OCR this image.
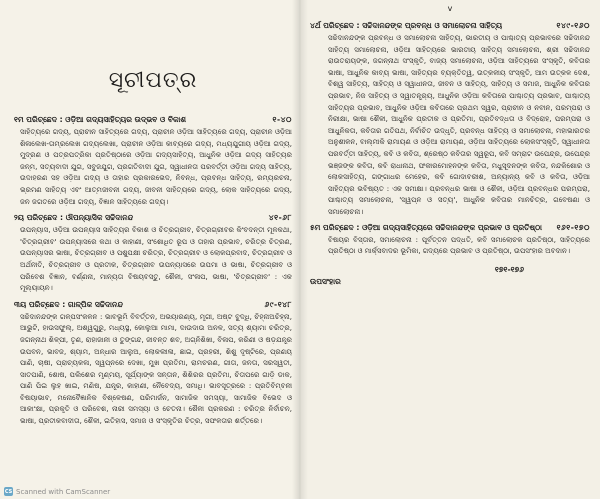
ସୂଚୀପତ୍ର
୧ମ ପରିଚ୍ଛେଦ : ଓଡ଼ିଆ ଗଦ୍ୟସାହିତ୍ୟର ଉଦ୍ଭବ ଓ ବିକାଶ	୧-୪୦
ସାହିତ୍ୟରେ ଗଦ୍ୟ, ପ୍ରାଚୀନ ସାହିତ୍ୟରେ ଗଦ୍ୟ, ପ୍ରାଚୀନ ଓଡ଼ିଆ ସାହିତ୍ୟରେ ଗଦ୍ୟ, ପ୍ରାଚୀନ ଓଡ଼ିଆ ଶିଳାଲେଖ-ତାମ୍ରଲେଖ ଗଦ୍ୟଲେଖା, ପ୍ରାଚୀନ ଓଡ଼ିଆ କାବ୍ୟରେ ଗଦ୍ୟ, ମଧ୍ୟଯୁଗୀୟ ଓଡ଼ିଆ ଗଦ୍ୟ, ମୁଦ୍ରଣ ଓ ପତ୍ରପତ୍ରିକା ପ୍ରତିଷ୍ଠାରେ ଓଡ଼ିଆ ଗଦ୍ୟସାହିତ୍ୟ, ଆଧୁନିକ ଓଡ଼ିଆ ଗଦ୍ୟ ସାହିତ୍ୟର ଜନ୍ମ, ସତ୍ୟବାଦୀ ଯୁଗ, ସବୁଜଯୁଗ, ପ୍ରଗତିବାଦୀ ଯୁଗ, ସ୍ୱାଧୀନତା ପରବର୍ତ୍ତୀ ଓଡ଼ିଆ ଗଦ୍ୟ ସାହିତ୍ୟ, ଉଦାହରଣ ସହ ଓଡ଼ିଆ ଗଦ୍ୟ ଓ ତାହାର ପ୍ରକାରଭେଦ, ନିବନ୍ଧ, ପ୍ରବନ୍ଧ ସାହିତ୍ୟ, ରମ୍ୟରଚନା, ଭ୍ରମଣ ସାହିତ୍ୟ ଏବଂ ଆତ୍ମଜୀବନୀ ଗଦ୍ୟ, ଜୀବନୀ ସାହିତ୍ୟରେ ଗଦ୍ୟ, ଲୋକ ସାହିତ୍ୟରେ ଗଦ୍ୟ, ଜନ ଜଗତରେ ଓଡ଼ିଆ ଗଦ୍ୟ, ବିଜ୍ଞାନ ସାହିତ୍ୟରେ ଗଦ୍ୟ।
୨ୟ ପରିଚ୍ଛେଦ : ଔପନ୍ୟାସିକ ସଚ୍ଚିଦାନନ୍ଦ	୪୧-୬୮
ଉପନ୍ୟାସ, ଓଡ଼ିଆ ଉପନ୍ୟାସ ସାହିତ୍ୟର ବିକାଶ ଓ ଚିତ୍ରଗ୍ରୀବ, ଚିତ୍ରଗ୍ରୀବର କିଂବଦନ୍ତୀ ମୂଳକଥା, 'ଚିତ୍ରଗ୍ରୀବ' ଉପନ୍ୟାସରେ କଥା ଓ କାହାଣୀ, ସଂଶୋଧିତ ରୂପ ଓ ତାହାର ପ୍ରଭାବ, ଚରିତ୍ର ଚିତ୍ରଣ, ଉପନ୍ୟାସର ଭାଷା, ଚିତ୍ରଗ୍ରୀବ ଓ ପଶୁପକ୍ଷୀ ଚରିତ୍ର, ଚିତ୍ରଗ୍ରୀବ ଓ ଲୋକପ୍ରବାଦ, ଚିତ୍ରଗ୍ରୀବ ଓ ଅର୍ଥନୀତି, ଚିତ୍ରଗ୍ରୀବ ଓ ପ୍ରତୀକ, ଚିତ୍ରଗ୍ରୀବ ଉପନ୍ୟାସରେ ଉପମା ଓ ଭାଷା, ଚିତ୍ରଗ୍ରୀବ ଓ ପରିବେଶ ବିଜ୍ଞାନ, ବର୍ଣ୍ଣନା, ମାନ୍ୟତା ବିଷୟବସ୍ତୁ, ଶୈଳୀ, ସଂଳାପ, ଭାଷା, 'ଚିତ୍ରଗ୍ରୀବ' : ଏକ ମୂଲ୍ୟାୟନ।
୩ୟ ପରିଚ୍ଛେଦ : ଗାଳ୍ପିକ ସଚ୍ଚିଦାନନ୍ଦ	୬୯-୧୪୮
ସଚ୍ଚିଦାନନ୍ଦଙ୍କ ଗଳ୍ପସଂକଳନ : ଭାବଭୂମି ବିବର୍ତ୍ତନ, ଅଭୟାରଣ୍ୟ, ମୃଗୀ, ଅଷ୍ଟ ବୁଦ୍ଧି, ଚିହ୍ନାଅଚିହ୍ନା, ଆଭୁଟି, ହାଉସଫୁଲ୍, ଅଶ୍ୱଗୁରୁ, ମଧ୍ୟସ୍ଥ, କୋଲୁଆ ମାମା, ଦାଉଦାଉ ଅନଳ, ସତ୍ୟ ଶ୍ୟାମା ଚରିତ୍ର, ଜଗନ୍ନାଥ ଶିଳ୍ପୀ, ତୃଣ, ରାହାଜାନୀ ଓ ତୁଙ୍ଗନ୍ଦ, ଜୀବନ୍ତ ଶବ, ଅଗ୍ନିଶିଖା, ବିଳାପ, କରିଣୀ ଓ ଷଡ଼ଯନ୍ତ୍ର ଉପବନ, ଭାବଜ, ଶ୍ୟାମ, ଅନ୍ଧାର ଆଲୁଅ, ଲୋକଲୀଳା, ଛାଇ, ପ୍ରହରୀ, ଶିଶୁ ଦୃଷ୍ଟିରେ, ପ୍ରଣୟ ପାଣି, ଚାଷୀ, ପ୍ରାଚ୍ୟକଳା, ସ୍ୱପ୍ନରେ ଦେଖା, ମୁଖ ପ୍ରତିମା, ରାମଚରଣ, ଗୀତା, ଜନତା, ସରସ୍ୱତୀ, ସାତପାଣି, ଶୋଷ, ପଲିଶେର ମୃଣ୍ମୟ, ସୂର୍ଯ୍ୟାଙ୍କ ସନ୍ତାନ, ଶିଶିରର ପ୍ରତିମା, ଚିତାପରେ ଗାଡ଼ି ଡାକ, ପାଣି ପିଇ ଲୁହ ଖାଇ, ମଣିଷ, ଯନ୍ତ୍ର, କାହାଣୀ, ନୈବେଦ୍ୟ, ସମାଧି। ଭାବସୂତ୍ରରେ : ପ୍ରତିବିମ୍ବନୀ ବିଷୟାଭାବ, ମନୋବୈଜ୍ଞାନିକ ବିଶ୍ଳେଷଣ, ପରିମାର୍ଜନ, ସାମାଜିକ ସମସ୍ୟା, ସାମାଜିକ ବିଭେଦ ଓ ଆକାଂକ୍ଷା, ପ୍ରକୃତି ଓ ପରିବେଶ, ନାରୀ ସମସ୍ୟା ଓ ଚେତନା। ଶୈଳୀ ପ୍ରକରଣ : ଚରିତ୍ର ନିର୍ବାଚନ, ଭାଷା, ପ୍ରତୀକବାଦୀତା, ଶୈଳୀ, ଇତିହାସ, ସମାଜ ଓ ସଂସ୍କୃତିର ଚିତ୍ର, ସଫଳତାର ଶର୍ତ୍ତରେ।
v
୪ର୍ଥ ପରିଚ୍ଛେଦ : ସଚ୍ଚିଦାନନ୍ଦଙ୍କ ପ୍ରବନ୍ଧ ଓ ସମାଲୋଚନା ସାହିତ୍ୟ	୧୪୯-୧୬୦
ସଚ୍ଚିଦାନନ୍ଦଙ୍କ ପ୍ରବନ୍ଧ ଓ ସମାଲୋଚନା ସାହିତ୍ୟ, ଭାରତୀୟ ଓ ପାଶ୍ଚାତ୍ୟ ପ୍ରଭାବରେ ସଚ୍ଚିଦାନନ୍ଦ ସାହିତ୍ୟ ସମାଲୋଚନା, ଓଡ଼ିଆ ସାହିତ୍ୟରେ ଭାରତୀୟ ସାହିତ୍ୟ ସମାଲୋଚନା, ଶ୍ରୀ ସଚ୍ଚିଦାନନ୍ଦ ରାଉତରାୟଙ୍କ, ଜଗନ୍ନାଥ ସଂସ୍କୃତି, ବାଜ୍ୟ ସମାଲୋଚନା, ଓଡ଼ିଆ ସାହିତ୍ୟରେ ସଂସ୍କୃତି, କବିତାର ଭାଷା, ଆଧୁନିକ କାବ୍ୟ ଭାଷା, ସାହିତ୍ୟର ବ୍ୟକ୍ତିତ୍ୱ, ଉତ୍କଳୀୟ ସଂସ୍କୃତି, ଆମ ଉତ୍କଳ ଦେଶ, ବିଶ୍ୱ ସାହିତ୍ୟ, ସାହିତ୍ୟ ଓ ସ୍ୱାଧୀନତା, ଜୀବନ ଓ ସାହିତ୍ୟ, ସାହିତ୍ୟ ଓ ସମାଜ, ଆଧୁନିକ କବିତାର ପ୍ରଭାବ, ନିଜ ସାହିତ୍ୟ ଓ ସ୍ୱାତନ୍ତ୍ର୍ୟ, ଆଧୁନିକ ଓଡ଼ିଆ କବିତାରେ ପାଶ୍ଚାତ୍ୟ ପ୍ରଭାବ, ପାଶ୍ଚାତ୍ୟ ସାହିତ୍ୟର ପ୍ରଭାବ, ଆଧୁନିକ ଓଡ଼ିଆ କବିତାରେ ପ୍ରଥମ ସ୍ୱର, ପ୍ରାଚୀନ ଓ ନବୀନ, ପରମ୍ପରା ଓ ନିରୀକ୍ଷା, ଭାଷା ଶୈଳୀ, ଆଧୁନିକ ପ୍ରତୀକ ଓ ପ୍ରତିମା, ପ୍ରତିବଦ୍ଧତା ଓ ବିଦ୍ରୋହ, ପରମ୍ପରା ଓ ଆଧୁନିକତା, କବିତାର ଗତିପଥ, ନିର୍ବାଚିତ ଉଦ୍ଧୃତି, ପ୍ରବନ୍ଧ ସାହିତ୍ୟ ଓ ସମାଲୋଚନା, ମହାଭାରତର ଅନୁଶୀଳନ, ବାଲ୍ମୀକି ରାମାୟଣ ଓ ଓଡ଼ିଆ ରାମାୟଣ, ଓଡ଼ିଆ ସାହିତ୍ୟରେ ଲୋକସଂସ୍କୃତି, ସ୍ୱାଧୀନତା ପରବର୍ତ୍ତୀ ସାହିତ୍ୟ, କବି ଓ କବିତା, ଶ୍ରେଷ୍ଠ କବିତାର ସ୍ୱରୂପ, କବି ସମ୍ରାଟ ଉପେନ୍ଦ୍ର, ଉପେନ୍ଦ୍ର ଭଞ୍ଜଙ୍କ କବିତା, କବି ରାଧାନାଥ, ଫକୀରମୋହନଙ୍କ କବିତା, ମଧୁସୂଦନଙ୍କ କବିତା, ନନ୍ଦକିଶୋର ଓ ଲୋକସାହିତ୍ୟ, ଗଙ୍ଗାଧର ମେହେର, କବି ଗୋଦାବରୀଶ, ଅନ୍ୟାନ୍ୟ କବି ଓ କବିତା, ଓଡ଼ିଆ ସାହିତ୍ୟର ଭବିଷ୍ୟତ : ଏକ ସମୀକ୍ଷା। ପ୍ରବନ୍ଧର ଭାଷା ଓ ଶୈଳୀ, ଓଡ଼ିଆ ପ୍ରବନ୍ଧର ପରମ୍ପରା, ପାଶ୍ଚାତ୍ୟ ସମାଲୋଚନା, 'ସ୍ୱପ୍ନ ଓ ସତ୍ୟ', ଆଧୁନିକ କବିତାର ମାନଚିତ୍ର, ଗବେଷଣା ଓ ସମାଲୋଚନା।
୫ମ ପରିଚ୍ଛେଦ : ଓଡ଼ିଆ ଗଦ୍ୟସାହିତ୍ୟରେ ସଚ୍ଚିଦାନନ୍ଦଙ୍କ ପ୍ରଭାବ ଓ ପ୍ରତିଷ୍ଠା ୧୬୧-୧୭୦
ବିଷୟର ବିସ୍ତାର, ସମାଲୋଚନା : ପୂର୍ବତ୍ତନ ପଦ୍ଧତି, କବି ସମାଲୋଚକ ପ୍ରତିଷ୍ଠା, ସାହିତ୍ୟରେ ପ୍ରତିଷ୍ଠା ଓ ମାର୍କ୍ସବାଦର ଭୂମିକା, ଗଦ୍ୟରେ ପ୍ରଭାବ ଓ ପ୍ରତିଷ୍ଠା, ଉପସଂହାର ଅବଦାନ।
୧୭୧-୧୭୬
ଉପସଂହାର
CS Scanned with CamScanner
